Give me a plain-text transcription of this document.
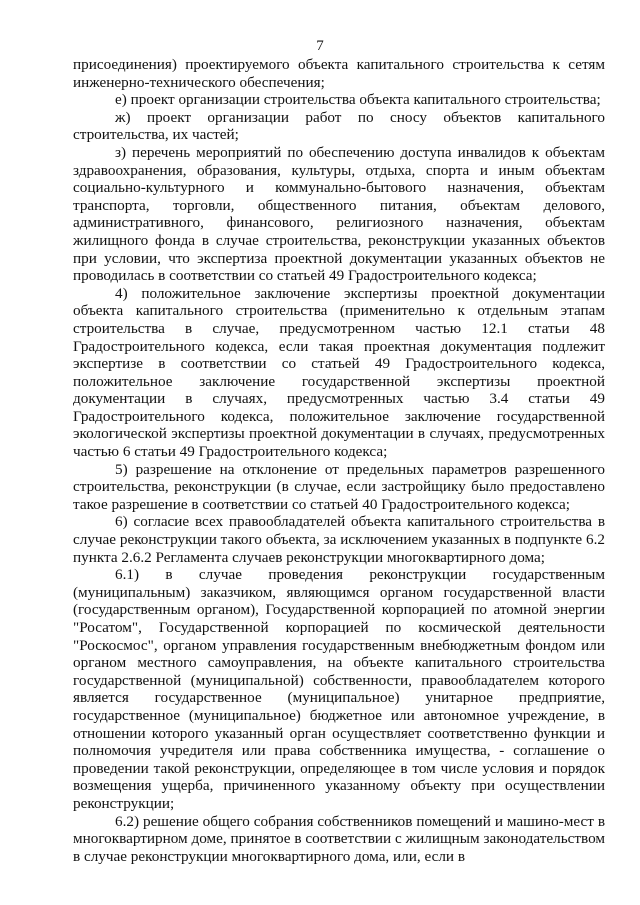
7

присоединения) проектируемого объекта капитального строительства к сетям инженерно-технического обеспечения;

е) проект организации строительства объекта капитального строительства;

ж) проект организации работ по сносу объектов капитального строительства, их частей;

з) перечень мероприятий по обеспечению доступа инвалидов к объектам здравоохранения, образования, культуры, отдыха, спорта и иным объектам социально-культурного и коммунально-бытового назначения, объектам транспорта, торговли, общественного питания, объектам делового, административного, финансового, религиозного назначения, объектам жилищного фонда в случае строительства, реконструкции указанных объектов при условии, что экспертиза проектной документации указанных объектов не проводилась в соответствии со статьей 49 Градостроительного кодекса;

4) положительное заключение экспертизы проектной документации объекта капитального строительства (применительно к отдельным этапам строительства в случае, предусмотренном частью 12.1 статьи 48 Градостроительного кодекса, если такая проектная документация подлежит экспертизе в соответствии со статьей 49 Градостроительного кодекса, положительное заключение государственной экспертизы проектной документации в случаях, предусмотренных частью 3.4 статьи 49 Градостроительного кодекса, положительное заключение государственной экологической экспертизы проектной документации в случаях, предусмотренных частью 6 статьи 49 Градостроительного кодекса;

5) разрешение на отклонение от предельных параметров разрешенного строительства, реконструкции (в случае, если застройщику было предоставлено такое разрешение в соответствии со статьей 40 Градостроительного кодекса;

6) согласие всех правообладателей объекта капитального строительства в случае реконструкции такого объекта, за исключением указанных в подпункте 6.2 пункта 2.6.2 Регламента случаев реконструкции многоквартирного дома;

6.1) в случае проведения реконструкции государственным (муниципальным) заказчиком, являющимся органом государственной власти (государственным органом), Государственной корпорацией по атомной энергии "Росатом", Государственной корпорацией по космической деятельности "Роскосмос", органом управления государственным внебюджетным фондом или органом местного самоуправления, на объекте капитального строительства государственной (муниципальной) собственности, правообладателем которого является государственное (муниципальное) унитарное предприятие, государственное (муниципальное) бюджетное или автономное учреждение, в отношении которого указанный орган осуществляет соответственно функции и полномочия учредителя или права собственника имущества, - соглашение о проведении такой реконструкции, определяющее в том числе условия и порядок возмещения ущерба, причиненного указанному объекту при осуществлении реконструкции;

6.2) решение общего собрания собственников помещений и машино-мест в многоквартирном доме, принятое в соответствии с жилищным законодательством в случае реконструкции многоквартирного дома, или, если в
